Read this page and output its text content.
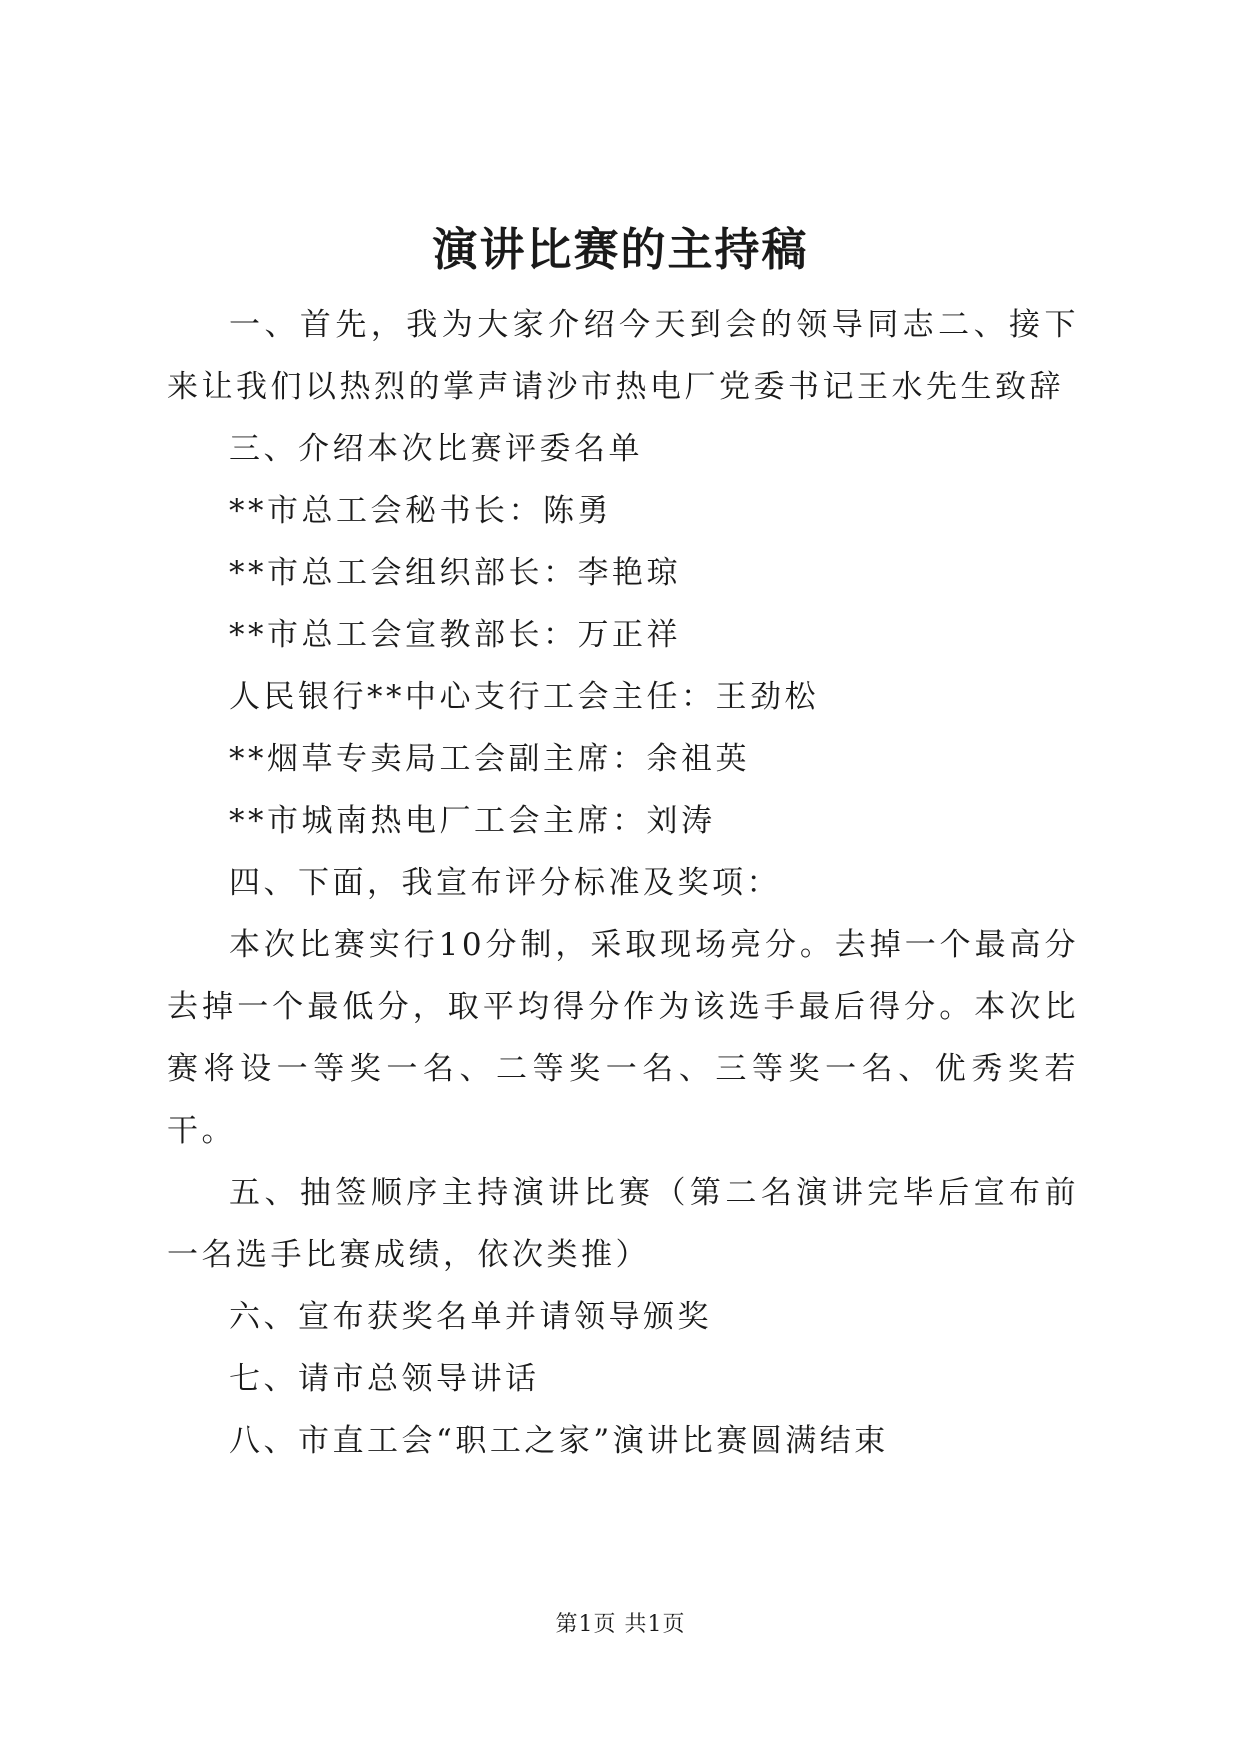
演讲比赛的主持稿

一、首先，我为大家介绍今天到会的领导同志二、接下来让我们以热烈的掌声请沙市热电厂党委书记王水先生致辞

三、介绍本次比赛评委名单

**市总工会秘书长：陈勇

**市总工会组织部长：李艳琼

**市总工会宣教部长：万正祥

人民银行**中心支行工会主任：王劲松

**烟草专卖局工会副主席：余祖英

**市城南热电厂工会主席：刘涛

四、下面，我宣布评分标准及奖项：

本次比赛实行10分制，采取现场亮分。去掉一个最高分去掉一个最低分，取平均得分作为该选手最后得分。本次比赛将设一等奖一名、二等奖一名、三等奖一名、优秀奖若干。

五、抽签顺序主持演讲比赛（第二名演讲完毕后宣布前一名选手比赛成绩，依次类推）

六、宣布获奖名单并请领导颁奖

七、请市总领导讲话

八、市直工会“职工之家”演讲比赛圆满结束

第1页 共1页
